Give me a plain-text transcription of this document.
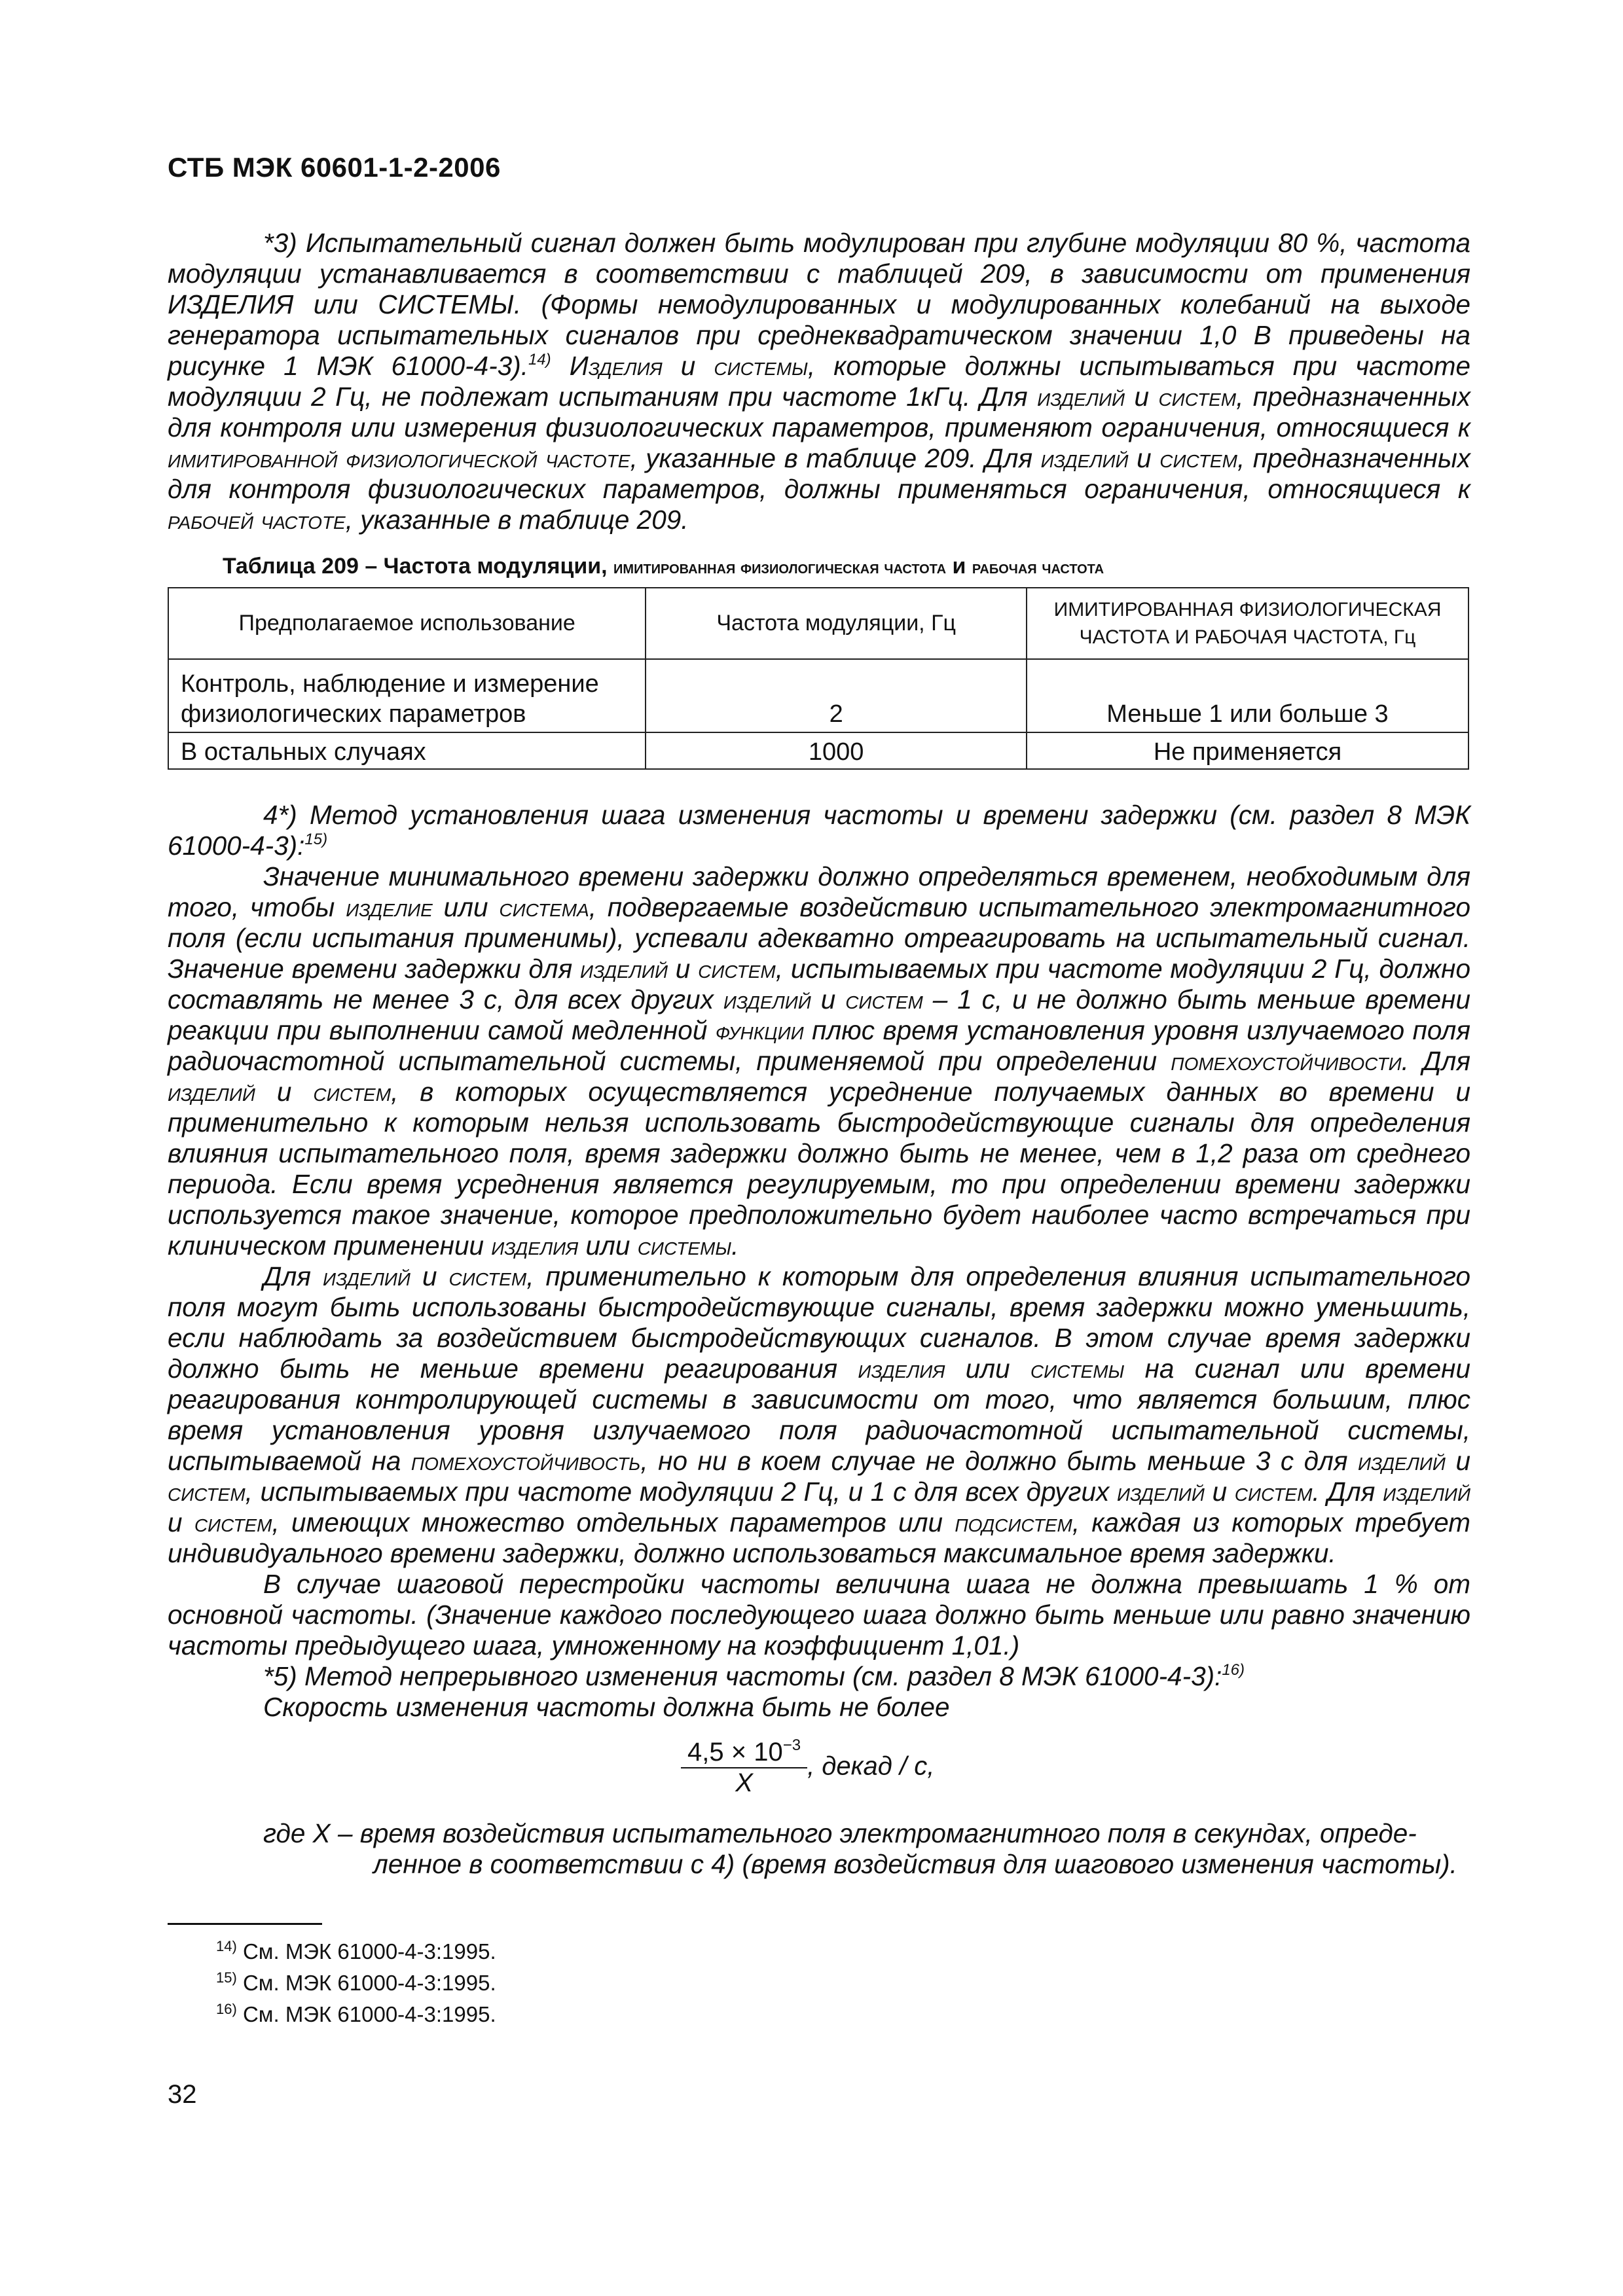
СТБ МЭК 60601-1-2-2006

*3) Испытательный сигнал должен быть модулирован при глубине модуляции 80 %, частота модуляции устанавливается в соответствии с таблицей 209, в зависимости от применения ИЗДЕЛИЯ или СИСТЕМЫ. (Формы немодулированных и модулированных колебаний на выходе генератора испытательных сигналов при среднеквадратическом значении 1,0 В приведены на рисунке 1 МЭК 61000-4-3).$^{14)}$ Изделия и системы, которые должны испытываться при частоте модуляции 2 Гц, не подлежат испытаниям при частоте 1кГц. Для изделий и систем, предназначенных для контроля или измерения физиологических параметров, применяют ограничения, относящиеся к имитированной физиологической частоте, указанные в таблице 209. Для изделий и систем, предназначенных для контроля физиологических параметров, должны применяться ограничения, относящиеся к рабочей частоте, указанные в таблице 209.

Таблица 209 – Частота модуляции, имитированная физиологическая частота и рабочая частота
Предполагаемое использование	Частота модуляции, Гц	ИМИТИРОВАННАЯ ФИЗИОЛОГИЧЕСКАЯ ЧАСТОТА И РАБОЧАЯ ЧАСТОТА, Гц
Контроль, наблюдение и измерение физиологических параметров	2	Меньше 1 или больше 3
В остальных случаях	1000	Не применяется

4*) Метод установления шага изменения частоты и времени задержки (см. раздел 8 МЭК 61000-4-3):$^{15)}$

Значение минимального времени задержки должно определяться временем, необходимым для того, чтобы изделие или система, подвергаемые воздействию испытательного электромагнитного поля (если испытания применимы), успевали адекватно отреагировать на испытательный сигнал. Значение времени задержки для изделий и систем, испытываемых при частоте модуляции 2 Гц, должно составлять не менее 3 с, для всех других изделий и систем – 1 с, и не должно быть меньше времени реакции при выполнении самой медленной функции плюс время установления уровня излучаемого поля радиочастотной испытательной системы, применяемой при определении помехоустойчивости. Для изделий и систем, в которых осуществляется усреднение получаемых данных во времени и применительно к которым нельзя использовать быстродействующие сигналы для определения влияния испытательного поля, время задержки должно быть не менее, чем в 1,2 раза от среднего периода. Если время усреднения является регулируемым, то при определении времени задержки используется такое значение, которое предположительно будет наиболее часто встречаться при клиническом применении изделия или системы.

Для изделий и систем, применительно к которым для определения влияния испытательного поля могут быть использованы быстродействующие сигналы, время задержки можно уменьшить, если наблюдать за воздействием быстродействующих сигналов. В этом случае время задержки должно быть не меньше времени реагирования изделия или системы на сигнал или времени реагирования контролирующей системы в зависимости от того, что является большим, плюс время установления уровня излучаемого поля радиочастотной испытательной системы, испытываемой на помехоустойчивость, но ни в коем случае не должно быть меньше 3 с для изделий и систем, испытываемых при частоте модуляции 2 Гц, и 1 с для всех других изделий и систем. Для изделий и систем, имеющих множество отдельных параметров или подсистем, каждая из которых требует индивидуального времени задержки, должно использоваться максимальное время задержки.

В случае шаговой перестройки частоты величина шага не должна превышать 1 % от основной частоты. (Значение каждого последующего шага должно быть меньше или равно значению частоты предыдущего шага, умноженному на коэффициент 1,01.)

*5) Метод непрерывного изменения частоты (см. раздел 8 МЭК 61000-4-3):$^{16)}$

Скорость изменения частоты должна быть не более

$\frac{4,5 \times 10^{-3}}{X}$ , декад / с,
где X – время воздействия испытательного электромагнитного поля в секундах, опреде-
ленное в соответствии с 4) (время воздействия для шагового изменения частоты).
$^{14)}$ См. МЭК 61000-4-3:1995.
$^{15)}$ См. МЭК 61000-4-3:1995.
$^{16)}$ См. МЭК 61000-4-3:1995.
32
